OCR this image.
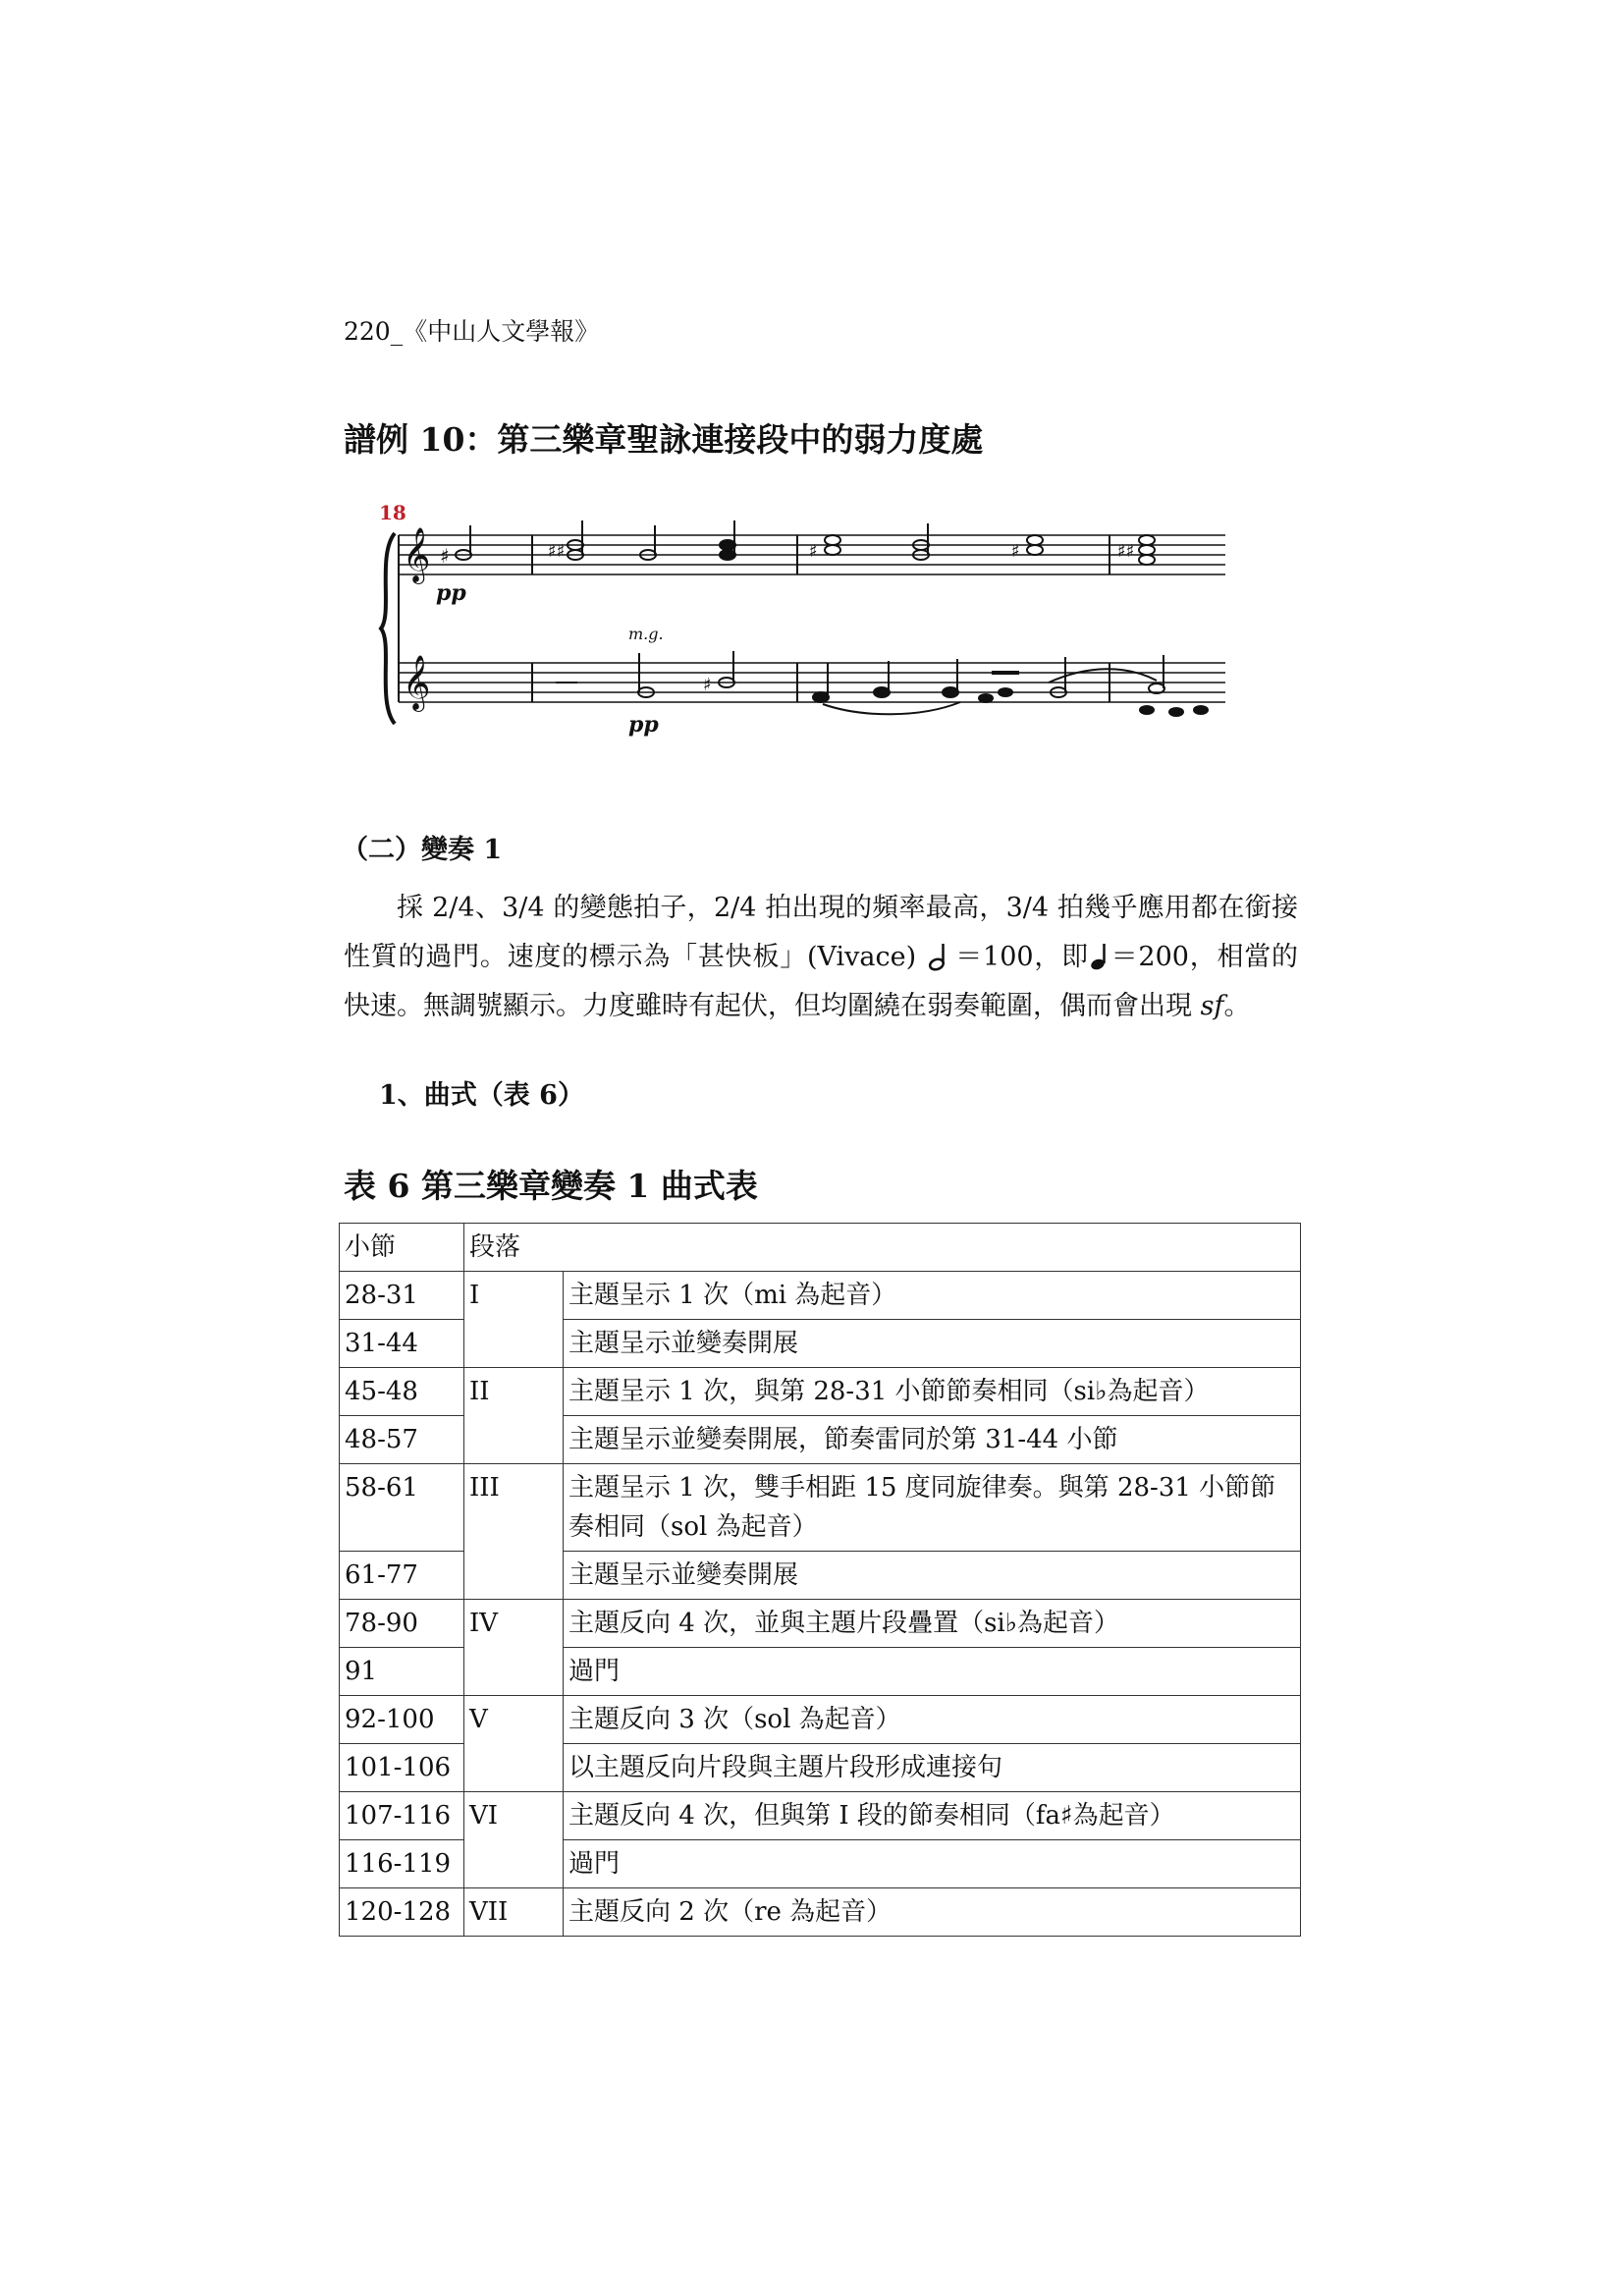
220_《中山人文學報》
譜例 10：第三樂章聖詠連接段中的弱力度處
18
𝄞
𝄞
pp
m.g.
pp
♯	♯♯	♯	♯	♯♯
♯
（二）變奏 1

採 2/4、3/4 的變態拍子，2/4 拍出現的頻率最高，3/4 拍幾乎應用都在銜接

性質的過門。速度的標示為「甚快板」(Vivace) ＝100，即 ＝200，相當的

快速。無調號顯示。力度雖時有起伏，但均圍繞在弱奏範圍，偶而會出現 sf。

1、曲式（表 6）
表 6 第三樂章變奏 1 曲式表
小節	段落	
28-31	I	主題呈示 1 次（mi 為起音）
31-44		主題呈示並變奏開展
45-48	II	主題呈示 1 次，與第 28-31 小節節奏相同（si♭為起音）
48-57		主題呈示並變奏開展，節奏雷同於第 31-44 小節
58-61	III	主題呈示 1 次，雙手相距 15 度同旋律奏。與第 28-31 小節節奏相同（sol 為起音）
61-77		主題呈示並變奏開展
78-90	IV	主題反向 4 次，並與主題片段疊置（si♭為起音）
91		過門
92-100	V	主題反向 3 次（sol 為起音）
101-106		以主題反向片段與主題片段形成連接句
107-116	VI	主題反向 4 次，但與第 I 段的節奏相同（fa♯為起音）
116-119		過門
120-128	VII	主題反向 2 次（re 為起音）
